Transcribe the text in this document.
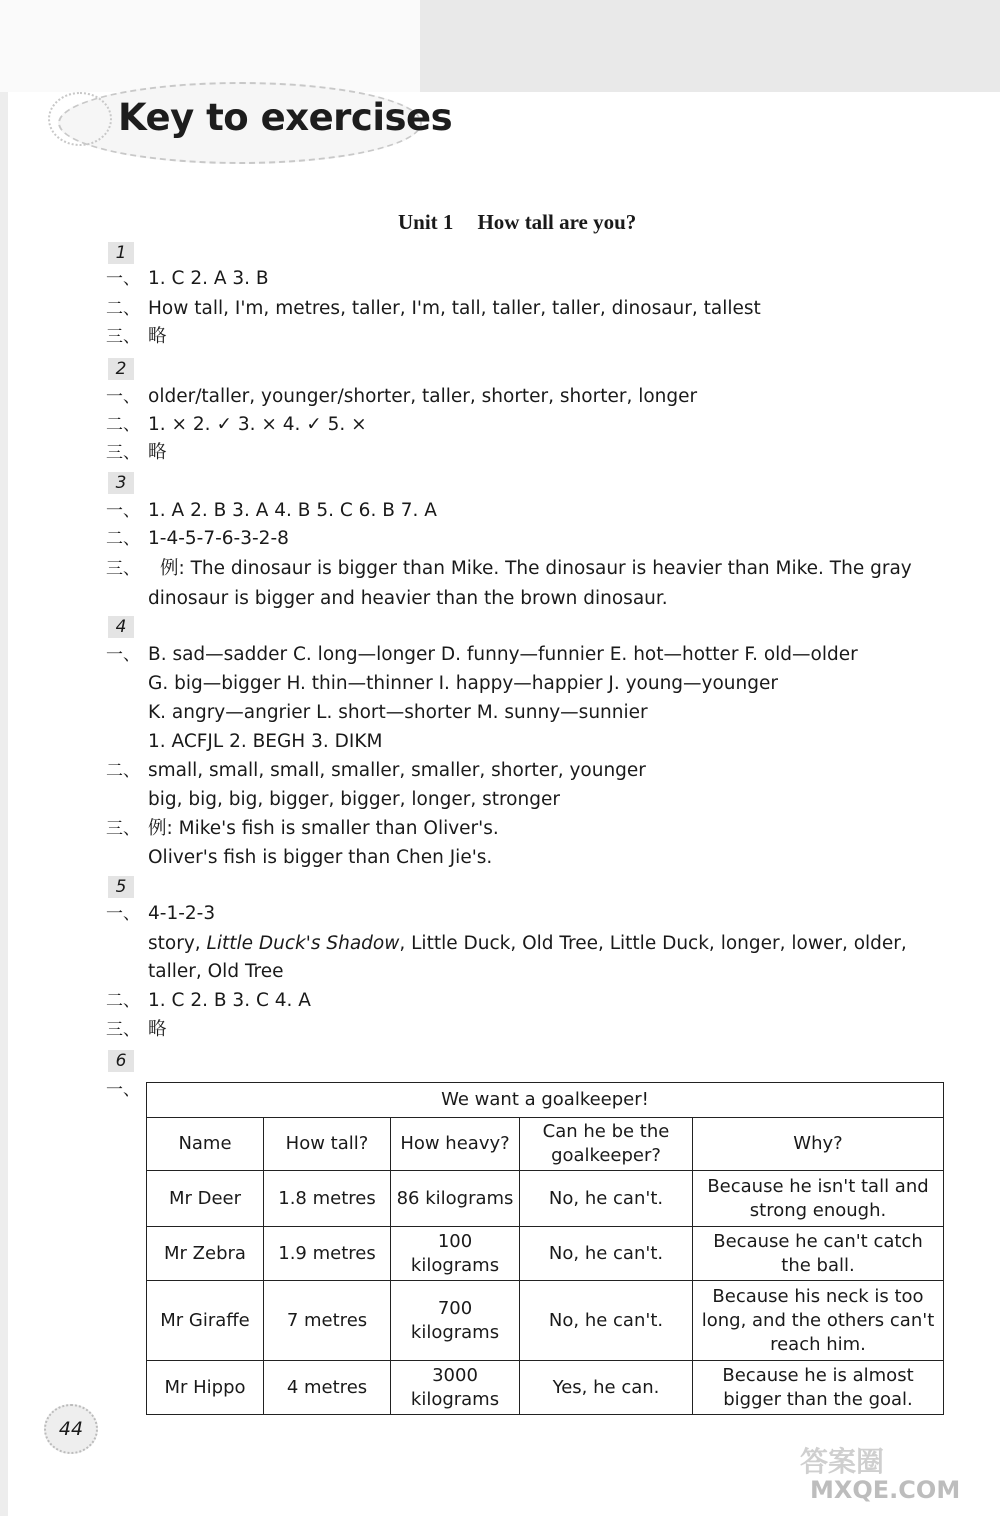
Key to exercises
Unit 1 How tall are you?
1
一、 1. C 2. A 3. B
二、 How tall, I'm, metres, taller, I'm, tall, taller, taller, dinosaur, tallest
三、 略
2
一、 older/taller, younger/shorter, taller, shorter, shorter, longer
二、 1. × 2. ✓ 3. × 4. ✓ 5. ×
三、 略
3
一、 1. A 2. B 3. A 4. B 5. C 6. B 7. A
二、 1-4-5-7-6-3-2-8
三、 例: The dinosaur is bigger than Mike. The dinosaur is heavier than Mike. The gray
dinosaur is bigger and heavier than the brown dinosaur.
4
一、 B. sad—sadder C. long—longer D. funny—funnier E. hot—hotter F. old—older
G. big—bigger H. thin—thinner I. happy—happier J. young—younger
K. angry—angrier L. short—shorter M. sunny—sunnier
1. ACFJL 2. BEGH 3. DIKM
二、 small, small, small, smaller, smaller, shorter, younger
big, big, big, bigger, bigger, longer, stronger
三、 例: Mike's fish is smaller than Oliver's.
Oliver's fish is bigger than Chen Jie's.
5
一、 4-1-2-3
story, Little Duck's Shadow, Little Duck, Old Tree, Little Duck, longer, lower, older,
taller, Old Tree
二、 1. C 2. B 3. C 4. A
三、 略
6
一、	We want a goalkeeper!				
Name	How tall?	How heavy?	Can he be the goalkeeper?	Why?
Mr Deer	1.8 metres	86 kilograms	No, he can't.	Because he isn't tall and strong enough.
Mr Zebra	1.9 metres	100 kilograms	No, he can't.	Because he can't catch the ball.
Mr Giraffe	7 metres	700 kilograms	No, he can't.	Because his neck is too long, and the others can't reach him.
Mr Hippo	4 metres	3000 kilograms	Yes, he can.	Because he is almost bigger than the goal.
44
答案圈
MXQE.COM
